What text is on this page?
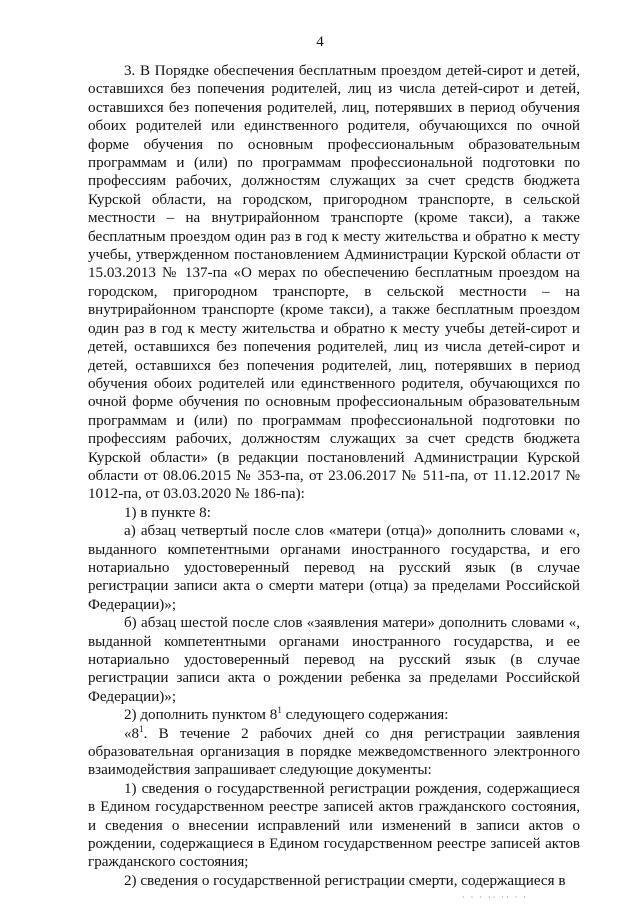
4

3. В Порядке обеспечения бесплатным проездом детей-сирот и детей, оставшихся без попечения родителей, лиц из числа детей-сирот и детей, оставшихся без попечения родителей, лиц, потерявших в период обучения обоих родителей или единственного родителя, обучающихся по очной форме обучения по основным профессиональным образовательным программам и (или) по программам профессиональной подготовки по профессиям рабочих, должностям служащих за счет средств бюджета Курской области, на городском, пригородном транспорте, в сельской местности – на внутрирайонном транспорте (кроме такси), а также бесплатным проездом один раз в год к месту жительства и обратно к месту учебы, утвержденном постановлением Администрации Курской области от 15.03.2013 № 137-па «О мерах по обеспечению бесплатным проездом на городском, пригородном транспорте, в сельской местности – на внутрирайонном транспорте (кроме такси), а также бесплатным проездом один раз в год к месту жительства и обратно к месту учебы детей-сирот и детей, оставшихся без попечения родителей, лиц из числа детей-сирот и детей, оставшихся без попечения родителей, лиц, потерявших в период обучения обоих родителей или единственного родителя, обучающихся по очной форме обучения по основным профессиональным образовательным программам и (или) по программам профессиональной подготовки по профессиям рабочих, должностям служащих за счет средств бюджета Курской области» (в редакции постановлений Администрации Курской области от 08.06.2015 № 353-па, от 23.06.2017 № 511-па, от 11.12.2017 № 1012-па, от 03.03.2020 № 186-па):

1) в пункте 8:

а) абзац четвертый после слов «матери (отца)» дополнить словами «, выданного компетентными органами иностранного государства, и его нотариально удостоверенный перевод на русский язык (в случае регистрации записи акта о смерти матери (отца) за пределами Российской Федерации)»;

б) абзац шестой после слов «заявления матери» дополнить словами «, выданной компетентными органами иностранного государства, и ее нотариально удостоверенный перевод на русский язык (в случае регистрации записи акта о рождении ребенка за пределами Российской Федерации)»;

2) дополнить пунктом $8^1$ следующего содержания:

«$8^1$. В течение 2 рабочих дней со дня регистрации заявления образовательная организация в порядке межведомственного электронного взаимодействия запрашивает следующие документы:

1) сведения о государственной регистрации рождения, содержащиеся в Едином государственном реестре записей актов гражданского состояния, и сведения о внесении исправлений или изменений в записи актов о рождении, содержащиеся в Едином государственном реестре записей актов гражданского состояния;

2) сведения о государственной регистрации смерти, содержащиеся в

· · · ·· ·· · ·
